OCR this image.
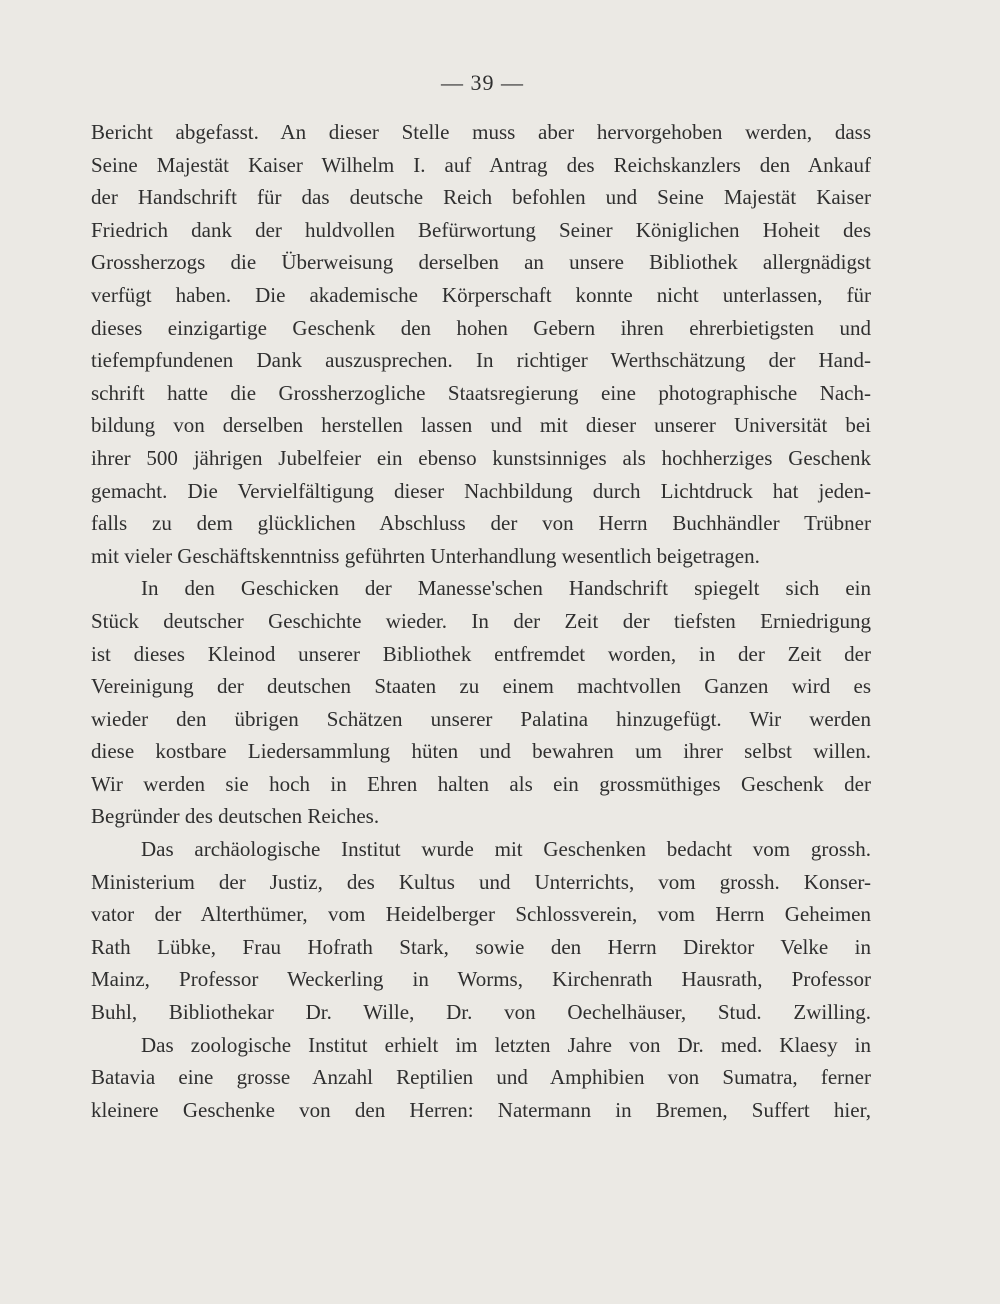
— 39 —
Bericht abgefasst. An dieser Stelle muss aber hervorgehoben werden, dass
Seine Majestät Kaiser Wilhelm I. auf Antrag des Reichskanzlers den Ankauf
der Handschrift für das deutsche Reich befohlen und Seine Majestät Kaiser
Friedrich dank der huldvollen Befürwortung Seiner Königlichen Hoheit des
Grossherzogs die Überweisung derselben an unsere Bibliothek allergnädigst
verfügt haben. Die akademische Körperschaft konnte nicht unterlassen, für
dieses einzigartige Geschenk den hohen Gebern ihren ehrerbietigsten und
tiefempfundenen Dank auszusprechen. In richtiger Werthschätzung der Hand-
schrift hatte die Grossherzogliche Staatsregierung eine photographische Nach-
bildung von derselben herstellen lassen und mit dieser unserer Universität bei
ihrer 500 jährigen Jubelfeier ein ebenso kunstsinniges als hochherziges Geschenk
gemacht. Die Vervielfältigung dieser Nachbildung durch Lichtdruck hat jeden-
falls zu dem glücklichen Abschluss der von Herrn Buchhändler Trübner
mit vieler Geschäftskenntniss geführten Unterhandlung wesentlich beigetragen.
In den Geschicken der Manesse'schen Handschrift spiegelt sich ein
Stück deutscher Geschichte wieder. In der Zeit der tiefsten Erniedrigung
ist dieses Kleinod unserer Bibliothek entfremdet worden, in der Zeit der
Vereinigung der deutschen Staaten zu einem machtvollen Ganzen wird es
wieder den übrigen Schätzen unserer Palatina hinzugefügt. Wir werden
diese kostbare Liedersammlung hüten und bewahren um ihrer selbst willen.
Wir werden sie hoch in Ehren halten als ein grossmüthiges Geschenk der
Begründer des deutschen Reiches.
Das archäologische Institut wurde mit Geschenken bedacht vom grossh.
Ministerium der Justiz, des Kultus und Unterrichts, vom grossh. Konser-
vator der Alterthümer, vom Heidelberger Schlossverein, vom Herrn Geheimen
Rath Lübke, Frau Hofrath Stark, sowie den Herrn Direktor Velke in
Mainz, Professor Weckerling in Worms, Kirchenrath Hausrath, Professor
Buhl, Bibliothekar Dr. Wille, Dr. von Oechelhäuser, Stud. Zwilling.
Das zoologische Institut erhielt im letzten Jahre von Dr. med. Klaesy in
Batavia eine grosse Anzahl Reptilien und Amphibien von Sumatra, ferner
kleinere Geschenke von den Herren: Natermann in Bremen, Suffert hier,
